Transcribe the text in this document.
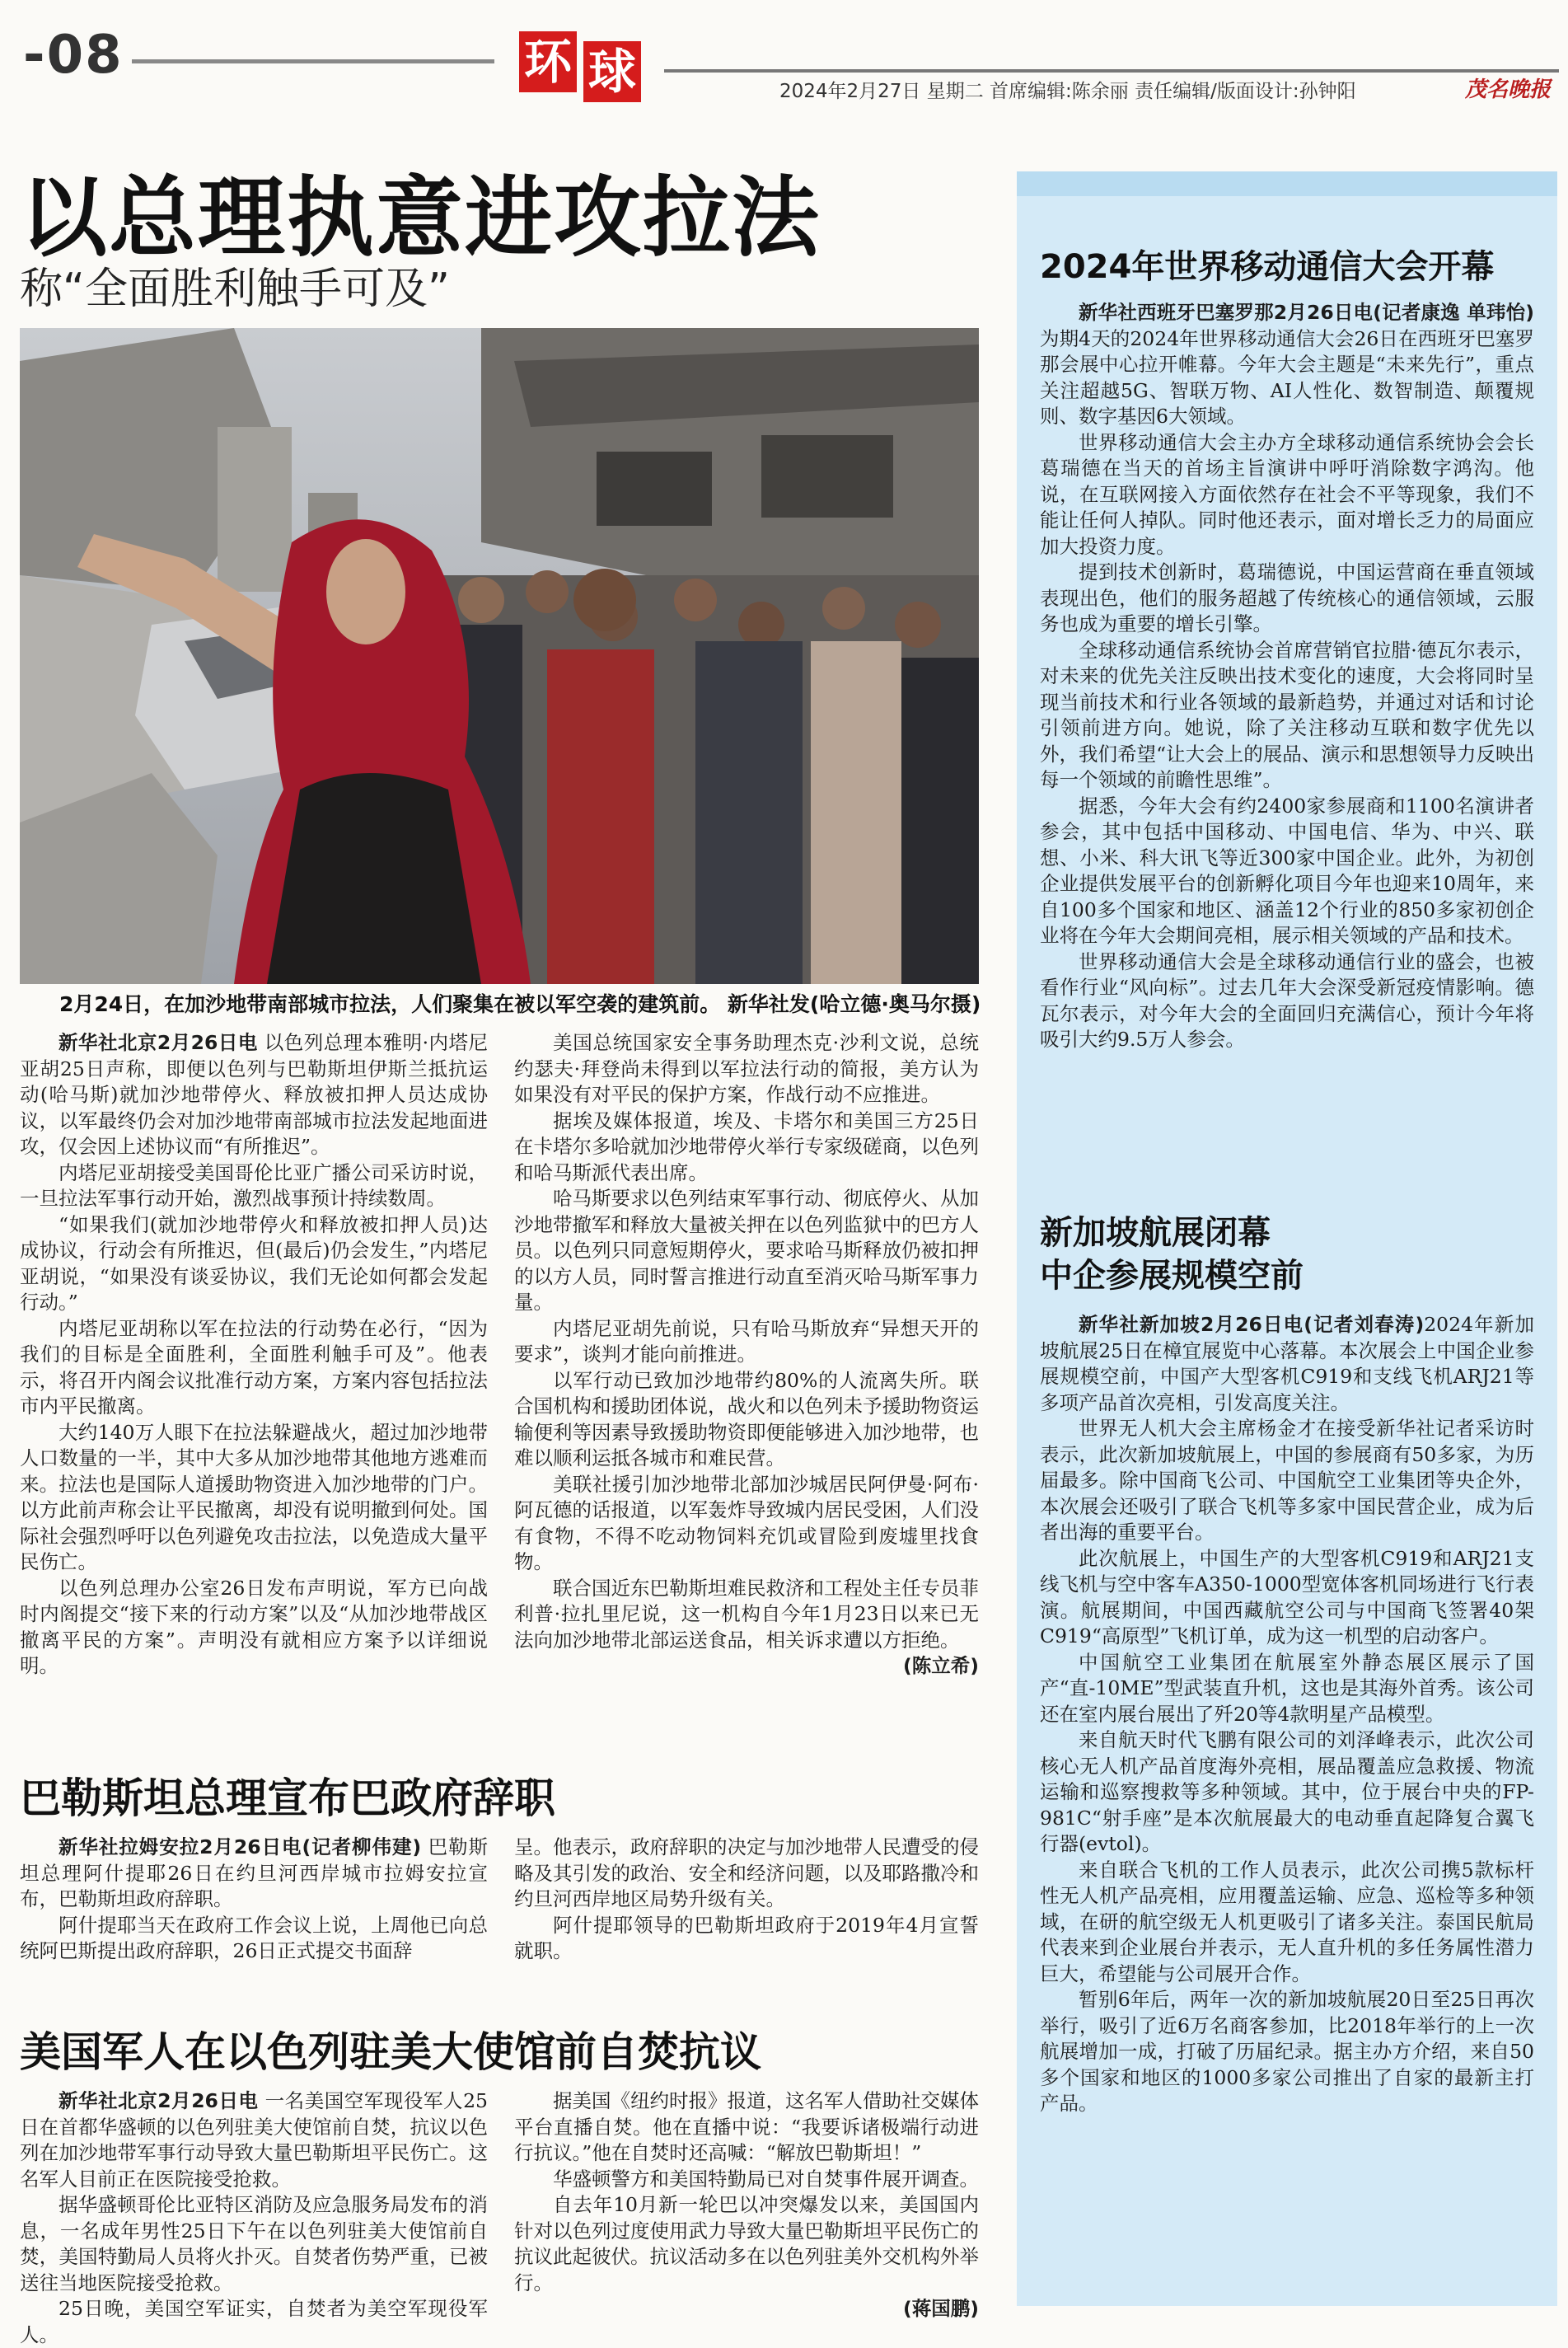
-08	环 球	2024年2月27日 星期二 首席编辑:陈余丽 责任编辑/版面设计:孙钟阳	茂名晚报
以总理执意进攻拉法
称“全面胜利触手可及”
2月24日，在加沙地带南部城市拉法，人们聚集在被以军空袭的建筑前。 新华社发(哈立德·奥马尔摄)

新华社北京2月26日电 以色列总理本雅明·内塔尼亚胡25日声称，即便以色列与巴勒斯坦伊斯兰抵抗运动(哈马斯)就加沙地带停火、释放被扣押人员达成协议，以军最终仍会对加沙地带南部城市拉法发起地面进攻，仅会因上述协议而“有所推迟”。

内塔尼亚胡接受美国哥伦比亚广播公司采访时说，一旦拉法军事行动开始，激烈战事预计持续数周。

“如果我们(就加沙地带停火和释放被扣押人员)达成协议，行动会有所推迟，但(最后)仍会发生，”内塔尼亚胡说，“如果没有谈妥协议，我们无论如何都会发起行动。”

内塔尼亚胡称以军在拉法的行动势在必行，“因为我们的目标是全面胜利，全面胜利触手可及”。他表示，将召开内阁会议批准行动方案，方案内容包括拉法市内平民撤离。

大约140万人眼下在拉法躲避战火，超过加沙地带人口数量的一半，其中大多从加沙地带其他地方逃难而来。拉法也是国际人道援助物资进入加沙地带的门户。以方此前声称会让平民撤离，却没有说明撤到何处。国际社会强烈呼吁以色列避免攻击拉法，以免造成大量平民伤亡。

以色列总理办公室26日发布声明说，军方已向战时内阁提交“接下来的行动方案”以及“从加沙地带战区撤离平民的方案”。声明没有就相应方案予以详细说明。

美国总统国家安全事务助理杰克·沙利文说，总统约瑟夫·拜登尚未得到以军拉法行动的简报，美方认为如果没有对平民的保护方案，作战行动不应推进。

据埃及媒体报道，埃及、卡塔尔和美国三方25日在卡塔尔多哈就加沙地带停火举行专家级磋商，以色列和哈马斯派代表出席。

哈马斯要求以色列结束军事行动、彻底停火、从加沙地带撤军和释放大量被关押在以色列监狱中的巴方人员。以色列只同意短期停火，要求哈马斯释放仍被扣押的以方人员，同时誓言推进行动直至消灭哈马斯军事力量。

内塔尼亚胡先前说，只有哈马斯放弃“异想天开的要求”，谈判才能向前推进。

以军行动已致加沙地带约80%的人流离失所。联合国机构和援助团体说，战火和以色列未予援助物资运输便利等因素导致援助物资即便能够进入加沙地带，也难以顺利运抵各城市和难民营。

美联社援引加沙地带北部加沙城居民阿伊曼·阿布·阿瓦德的话报道，以军轰炸导致城内居民受困，人们没有食物，不得不吃动物饲料充饥或冒险到废墟里找食物。

联合国近东巴勒斯坦难民救济和工程处主任专员菲利普·拉扎里尼说，这一机构自今年1月23日以来已无法向加沙地带北部运送食品，相关诉求遭以方拒绝。

(陈立希)
巴勒斯坦总理宣布巴政府辞职

新华社拉姆安拉2月26日电(记者柳伟建) 巴勒斯坦总理阿什提耶26日在约旦河西岸城市拉姆安拉宣布，巴勒斯坦政府辞职。

阿什提耶当天在政府工作会议上说，上周他已向总统阿巴斯提出政府辞职，26日正式提交书面辞

呈。他表示，政府辞职的决定与加沙地带人民遭受的侵略及其引发的政治、安全和经济问题，以及耶路撒冷和约旦河西岸地区局势升级有关。

阿什提耶领导的巴勒斯坦政府于2019年4月宣誓就职。

美国军人在以色列驻美大使馆前自焚抗议

新华社北京2月26日电 一名美国空军现役军人25日在首都华盛顿的以色列驻美大使馆前自焚，抗议以色列在加沙地带军事行动导致大量巴勒斯坦平民伤亡。这名军人目前正在医院接受抢救。

据华盛顿哥伦比亚特区消防及应急服务局发布的消息，一名成年男性25日下午在以色列驻美大使馆前自焚，美国特勤局人员将火扑灭。自焚者伤势严重，已被送往当地医院接受抢救。

25日晚，美国空军证实，自焚者为美空军现役军人。

据美国《纽约时报》报道，这名军人借助社交媒体平台直播自焚。他在直播中说：“我要诉诸极端行动进行抗议。”他在自焚时还高喊：“解放巴勒斯坦！”

华盛顿警方和美国特勤局已对自焚事件展开调查。

自去年10月新一轮巴以冲突爆发以来，美国国内针对以色列过度使用武力导致大量巴勒斯坦平民伤亡的抗议此起彼伏。抗议活动多在以色列驻美外交机构外举行。

(蒋国鹏)
2024年世界移动通信大会开幕

新华社西班牙巴塞罗那2月26日电(记者康逸 单玮怡)为期4天的2024年世界移动通信大会26日在西班牙巴塞罗那会展中心拉开帷幕。今年大会主题是“未来先行”，重点关注超越5G、智联万物、AI人性化、数智制造、颠覆规则、数字基因6大领域。

世界移动通信大会主办方全球移动通信系统协会会长葛瑞德在当天的首场主旨演讲中呼吁消除数字鸿沟。他说，在互联网接入方面依然存在社会不平等现象，我们不能让任何人掉队。同时他还表示，面对增长乏力的局面应加大投资力度。

提到技术创新时，葛瑞德说，中国运营商在垂直领域表现出色，他们的服务超越了传统核心的通信领域，云服务也成为重要的增长引擎。

全球移动通信系统协会首席营销官拉腊·德瓦尔表示，对未来的优先关注反映出技术变化的速度，大会将同时呈现当前技术和行业各领域的最新趋势，并通过对话和讨论引领前进方向。她说，除了关注移动互联和数字优先以外，我们希望“让大会上的展品、演示和思想领导力反映出每一个领域的前瞻性思维”。

据悉，今年大会有约2400家参展商和1100名演讲者参会，其中包括中国移动、中国电信、华为、中兴、联想、小米、科大讯飞等近300家中国企业。此外，为初创企业提供发展平台的创新孵化项目今年也迎来10周年，来自100多个国家和地区、涵盖12个行业的850多家初创企业将在今年大会期间亮相，展示相关领域的产品和技术。

世界移动通信大会是全球移动通信行业的盛会，也被看作行业“风向标”。过去几年大会深受新冠疫情影响。德瓦尔表示，对今年大会的全面回归充满信心，预计今年将吸引大约9.5万人参会。

新加坡航展闭幕
中企参展规模空前

新华社新加坡2月26日电(记者刘春涛)2024年新加坡航展25日在樟宜展览中心落幕。本次展会上中国企业参展规模空前，中国产大型客机C919和支线飞机ARJ21等多项产品首次亮相，引发高度关注。

世界无人机大会主席杨金才在接受新华社记者采访时表示，此次新加坡航展上，中国的参展商有50多家，为历届最多。除中国商飞公司、中国航空工业集团等央企外，本次展会还吸引了联合飞机等多家中国民营企业，成为后者出海的重要平台。

此次航展上，中国生产的大型客机C919和ARJ21支线飞机与空中客车A350-1000型宽体客机同场进行飞行表演。航展期间，中国西藏航空公司与中国商飞签署40架C919“高原型”飞机订单，成为这一机型的启动客户。

中国航空工业集团在航展室外静态展区展示了国产“直-10ME”型武装直升机，这也是其海外首秀。该公司还在室内展台展出了歼20等4款明星产品模型。

来自航天时代飞鹏有限公司的刘泽峰表示，此次公司核心无人机产品首度海外亮相，展品覆盖应急救援、物流运输和巡察搜救等多种领域。其中，位于展台中央的FP-981C“射手座”是本次航展最大的电动垂直起降复合翼飞行器(evtol)。

来自联合飞机的工作人员表示，此次公司携5款标杆性无人机产品亮相，应用覆盖运输、应急、巡检等多种领域，在研的航空级无人机更吸引了诸多关注。泰国民航局代表来到企业展台并表示，无人直升机的多任务属性潜力巨大，希望能与公司展开合作。

暂别6年后，两年一次的新加坡航展20日至25日再次举行，吸引了近6万名商客参加，比2018年举行的上一次航展增加一成，打破了历届纪录。据主办方介绍，来自50多个国家和地区的1000多家公司推出了自家的最新主打产品。
